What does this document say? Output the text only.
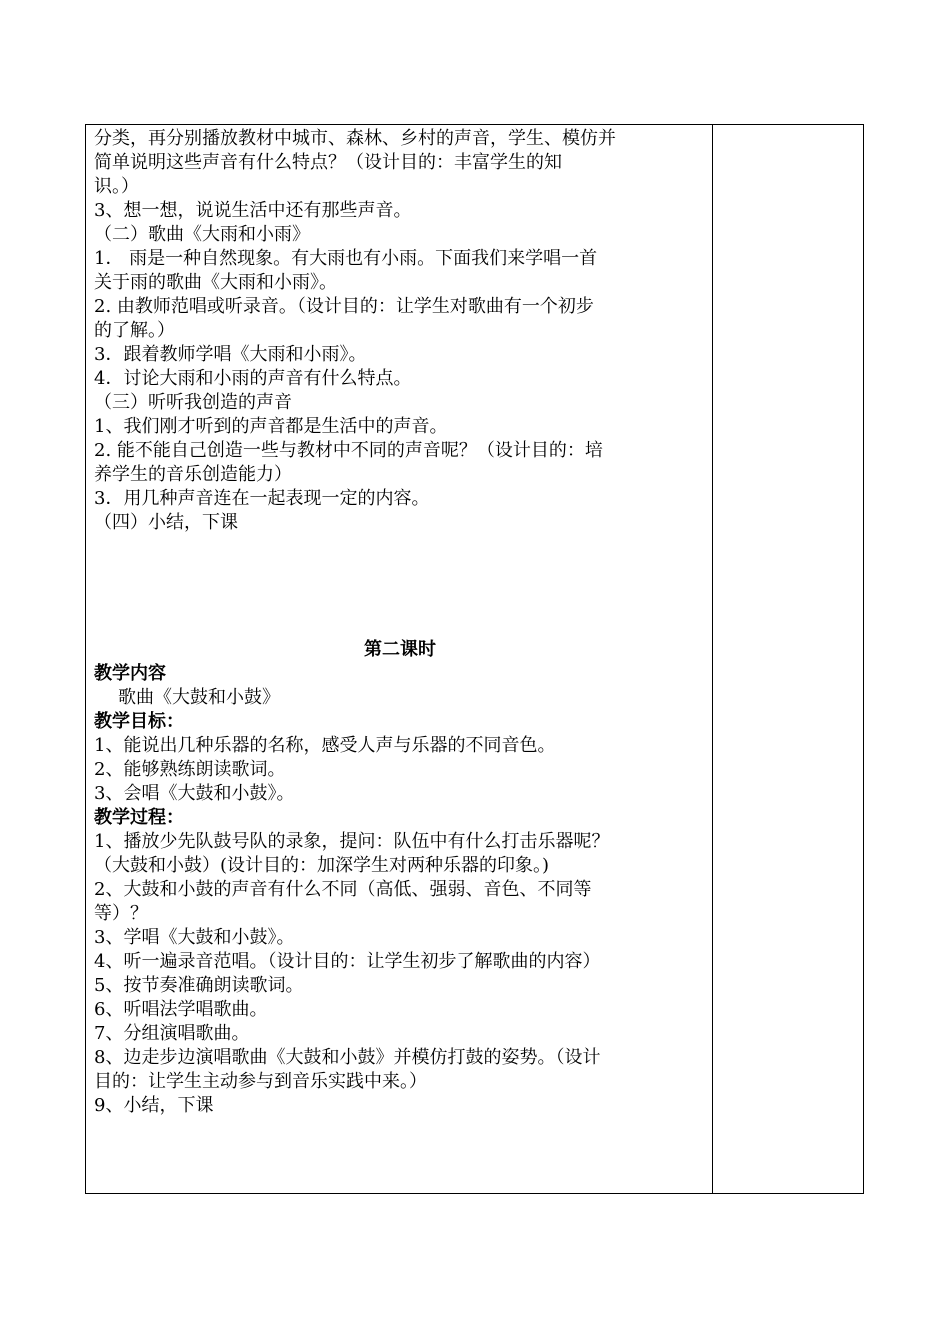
分类，再分别播放教材中城市、森林、乡村的声音，学生、模仿并
简单说明这些声音有什么特点？（设计目的：丰富学生的知
识。）
3、想一想，说说生活中还有那些声音。
（二）歌曲《大雨和小雨》
1． 雨是一种自然现象。有大雨也有小雨。下面我们来学唱一首
关于雨的歌曲《大雨和小雨》。
2. 由教师范唱或听录音。（设计目的：让学生对歌曲有一个初步
的了解。）
3．跟着教师学唱《大雨和小雨》。
4．讨论大雨和小雨的声音有什么特点。
（三）听听我创造的声音
1、我们刚才听到的声音都是生活中的声音。
2. 能不能自己创造一些与教材中不同的声音呢？（设计目的：培
养学生的音乐创造能力）
3．用几种声音连在一起表现一定的内容。
（四）小结，下课
第二课时
教学内容
歌曲《大鼓和小鼓》
教学目标：
1、能说出几种乐器的名称，感受人声与乐器的不同音色。
2、能够熟练朗读歌词。
3、会唱《大鼓和小鼓》。
教学过程：
1、播放少先队鼓号队的录象，提问：队伍中有什么打击乐器呢？
（大鼓和小鼓）(设计目的：加深学生对两种乐器的印象。)
2、大鼓和小鼓的声音有什么不同（高低、强弱、音色、不同等
等）？
3、学唱《大鼓和小鼓》。
4、听一遍录音范唱。（设计目的：让学生初步了解歌曲的内容）
5、按节奏准确朗读歌词。
6、听唱法学唱歌曲。
7、分组演唱歌曲。
8、边走步边演唱歌曲《大鼓和小鼓》并模仿打鼓的姿势。（设计
目的：让学生主动参与到音乐实践中来。）
9、小结，下课
